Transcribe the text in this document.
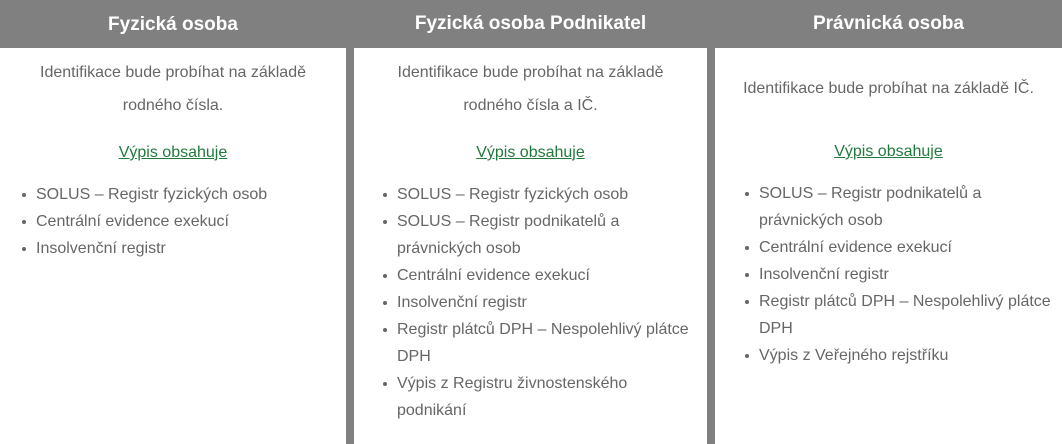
Fyzická osoba
Identifikace bude probíhat na základě
rodného čísla.
Výpis obsahuje
SOLUS – Registr fyzických osob
Centrální evidence exekucí
Insolvenční registr
Fyzická osoba Podnikatel
Identifikace bude probíhat na základě
rodného čísla a IČ.
Výpis obsahuje
SOLUS – Registr fyzických osob
SOLUS – Registr podnikatelů a právnických osob
Centrální evidence exekucí
Insolvenční registr
Registr plátců DPH – Nespolehlivý plátce DPH
Výpis z Registru živnostenského podnikání
Právnická osoba
Identifikace bude probíhat na základě IČ.
Výpis obsahuje
SOLUS – Registr podnikatelů a právnických osob
Centrální evidence exekucí
Insolvenční registr
Registr plátců DPH – Nespolehlivý plátce DPH
Výpis z Veřejného rejstříku
